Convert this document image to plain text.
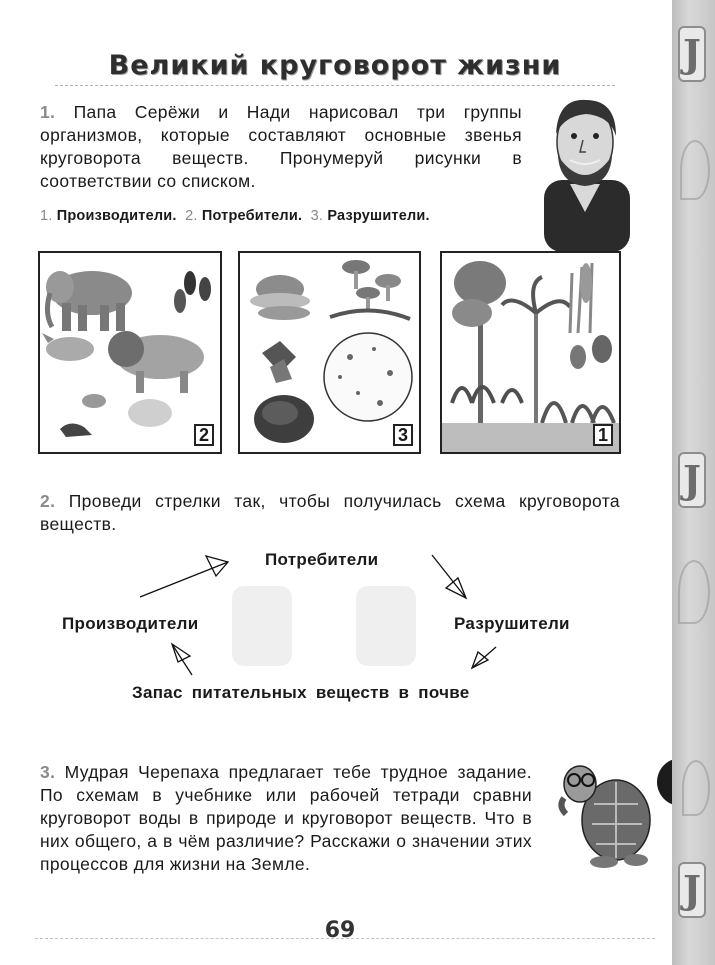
Великий круговорот жизни
1. Папа Серёжи и Нади нарисовал три группы организмов, которые составляют основные звенья круговорота веществ. Пронумеруй рисунки в соответствии со списком.
1. Производители. 2. Потребители. 3. Разрушители.
2	3	1
2. Проведи стрелки так, чтобы получилась схема круговорота веществ.
Потребители
Производители	Разрушители
Запас питательных веществ в почве
3. Мудрая Черепаха предлагает тебе трудное задание. По схемам в учебнике или рабочей тетради сравни круговорот воды в природе и круговорот веществ. Что в них общего, а в чём различие? Расскажи о значении этих процессов для жизни на Земле.
J
J
J
69
